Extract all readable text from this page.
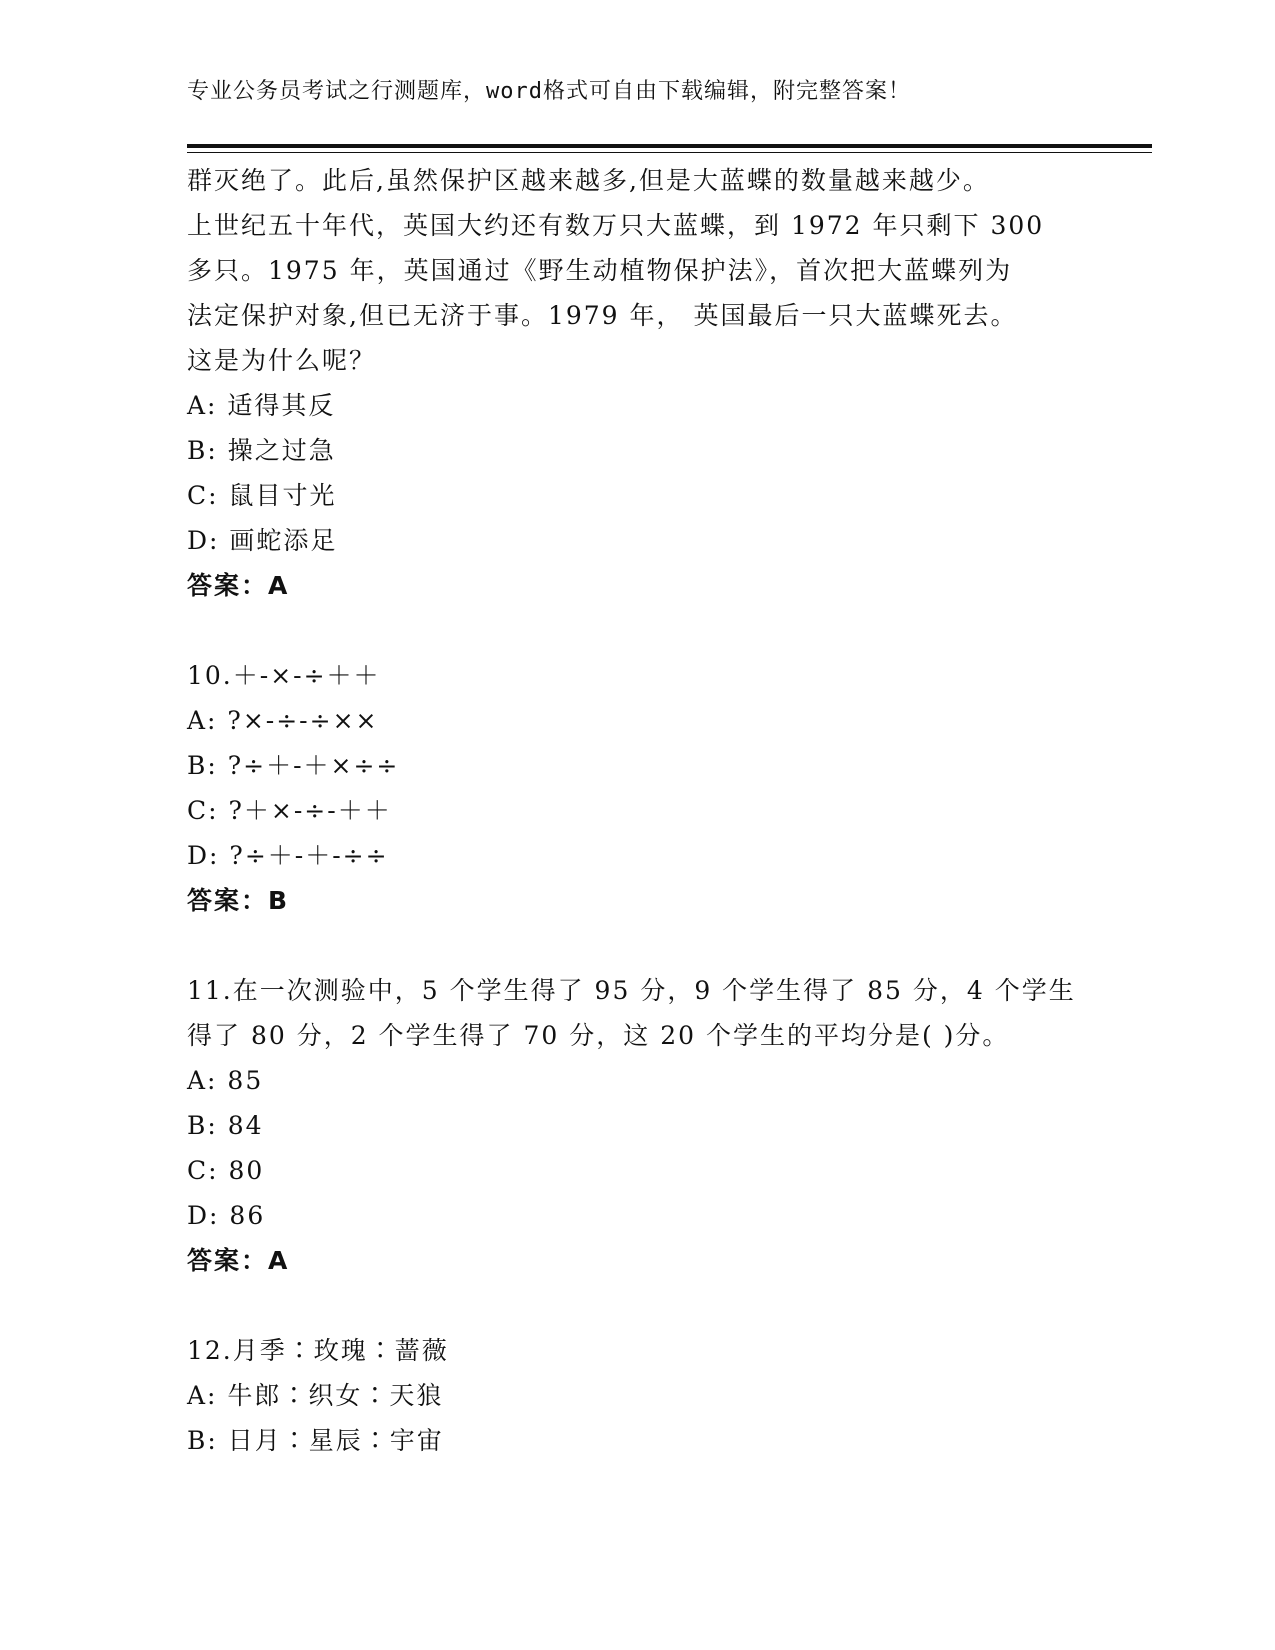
专业公务员考试之行测题库，word格式可自由下载编辑，附完整答案！
群灭绝了。此后,虽然保护区越来越多,但是大蓝蝶的数量越来越少。
上世纪五十年代，英国大约还有数万只大蓝蝶，到 1972 年只剩下 300
多只。1975 年，英国通过《野生动植物保护法》，首次把大蓝蝶列为
法定保护对象,但已无济于事。1979 年， 英国最后一只大蓝蝶死去。
这是为什么呢？
A: 适得其反
B: 操之过急
C: 鼠目寸光
D: 画蛇添足
答案：A
10.＋-×-÷＋＋
A: ?×-÷-÷××
B: ?÷＋-＋×÷÷
C: ?＋×-÷-＋＋
D: ?÷＋-＋-÷÷
答案：B
11.在一次测验中，5 个学生得了 95 分，9 个学生得了 85 分，4 个学生
得了 80 分，2 个学生得了 70 分，这 20 个学生的平均分是( )分。
A: 85
B: 84
C: 80
D: 86
答案：A
12.月季∶玫瑰∶蔷薇
A: 牛郎∶织女∶天狼
B: 日月∶星辰∶宇宙
